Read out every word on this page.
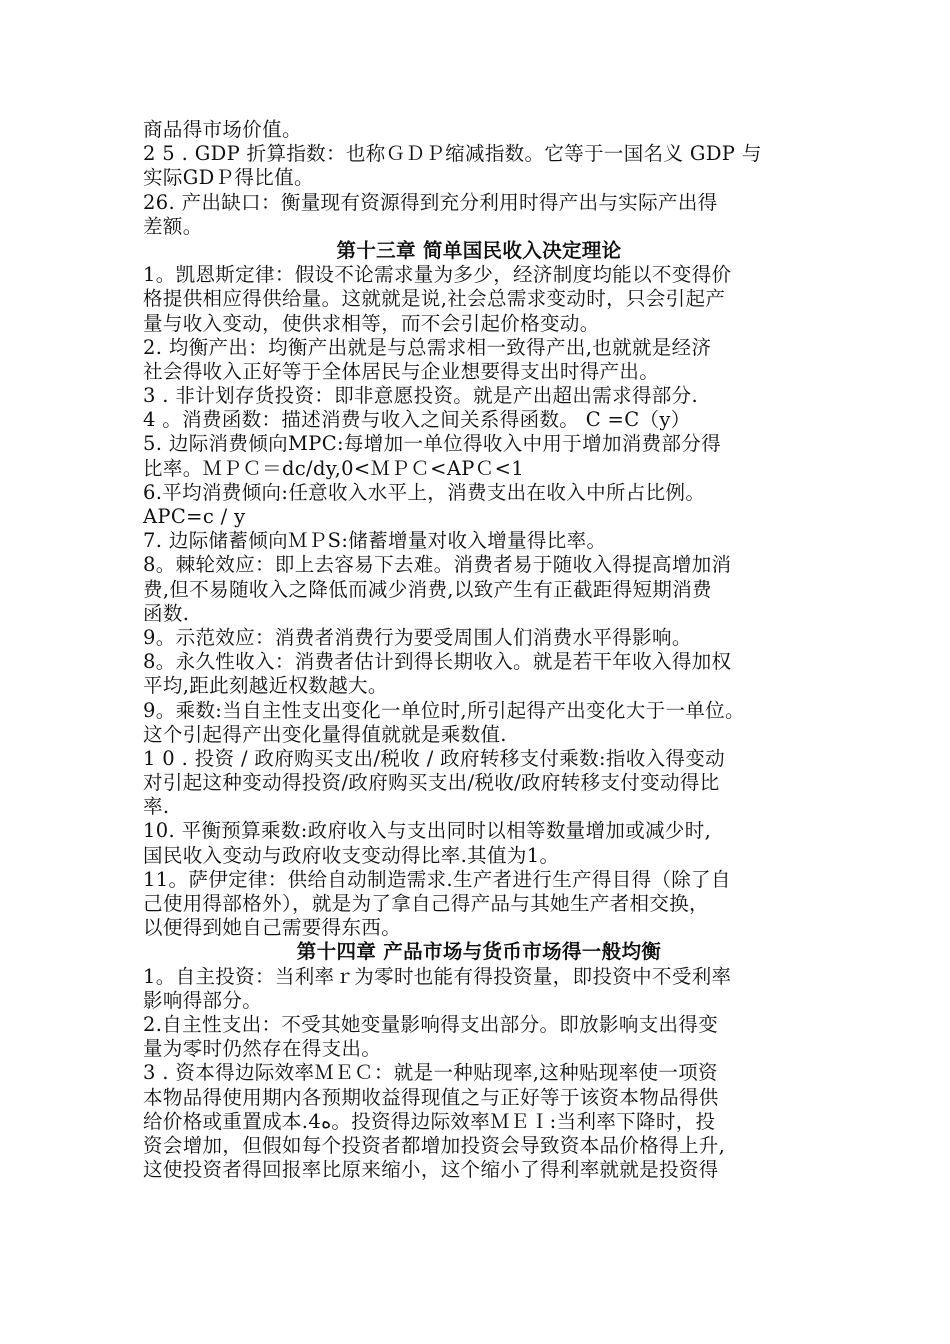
商品得市场价值。
2 5 . GDP 折算指数：也称ＧＤＰ缩减指数。它等于一国名义 GDP 与
实际GDＰ得比值。
26. 产出缺口：衡量现有资源得到充分利用时得产出与实际产出得
差额。
第十三章 简单国民收入决定理论
1。凯恩斯定律：假设不论需求量为多少，经济制度均能以不变得价
格提供相应得供给量。这就就是说,社会总需求变动时，只会引起产
量与收入变动，使供求相等，而不会引起价格变动。
2. 均衡产出：均衡产出就是与总需求相一致得产出,也就就是经济
社会得收入正好等于全体居民与企业想要得支出时得产出。
3 . 非计划存货投资：即非意愿投资。就是产出超出需求得部分.
4 。消费函数：描述消费与收入之间关系得函数。 C =C（y）
5. 边际消费倾向MPC:每增加一单位得收入中用于增加消费部分得
比率。ＭＰＣ＝dc/dy,0<ＭＰＣ<APＣ<1
6.平均消费倾向:任意收入水平上，消费支出在收入中所占比例。
APC=c / y
7. 边际储蓄倾向ＭＰS:储蓄增量对收入增量得比率。
8。棘轮效应：即上去容易下去难。消费者易于随收入得提高增加消
费,但不易随收入之降低而减少消费,以致产生有正截距得短期消费
函数.
9。示范效应：消费者消费行为要受周围人们消费水平得影响。
8。永久性收入：消费者估计到得长期收入。就是若干年收入得加权
平均,距此刻越近权数越大。
9。乘数:当自主性支出变化一单位时,所引起得产出变化大于一单位。
这个引起得产出变化量得值就就是乘数值.
1 0 . 投资 / 政府购买支出/税收 / 政府转移支付乘数:指收入得变动
对引起这种变动得投资/政府购买支出/税收/政府转移支付变动得比
率.
10. 平衡预算乘数:政府收入与支出同时以相等数量增加或减少时,
国民收入变动与政府收支变动得比率.其值为1。
11。萨伊定律：供给自动制造需求.生产者进行生产得目得（除了自
己使用得部格外），就是为了拿自己得产品与其她生产者相交换，
以便得到她自己需要得东西。
第十四章 产品市场与货币市场得一般均衡
1。自主投资：当利率ｒ为零时也能有得投资量，即投资中不受利率
影响得部分。
2.自主性支出：不受其她变量影响得支出部分。即放影响支出得变
量为零时仍然存在得支出。
3 . 资本得边际效率ＭＥＣ：就是一种贴现率,这种贴现率使一项资
本物品得使用期内各预期收益得现值之与正好等于该资本物品得供
给价格或重置成本.4ه。投资得边际效率ＭＥＩ:当利率下降时，投
资会增加，但假如每个投资者都增加投资会导致资本品价格得上升,
这使投资者得回报率比原来缩小，这个缩小了得利率就就是投资得
